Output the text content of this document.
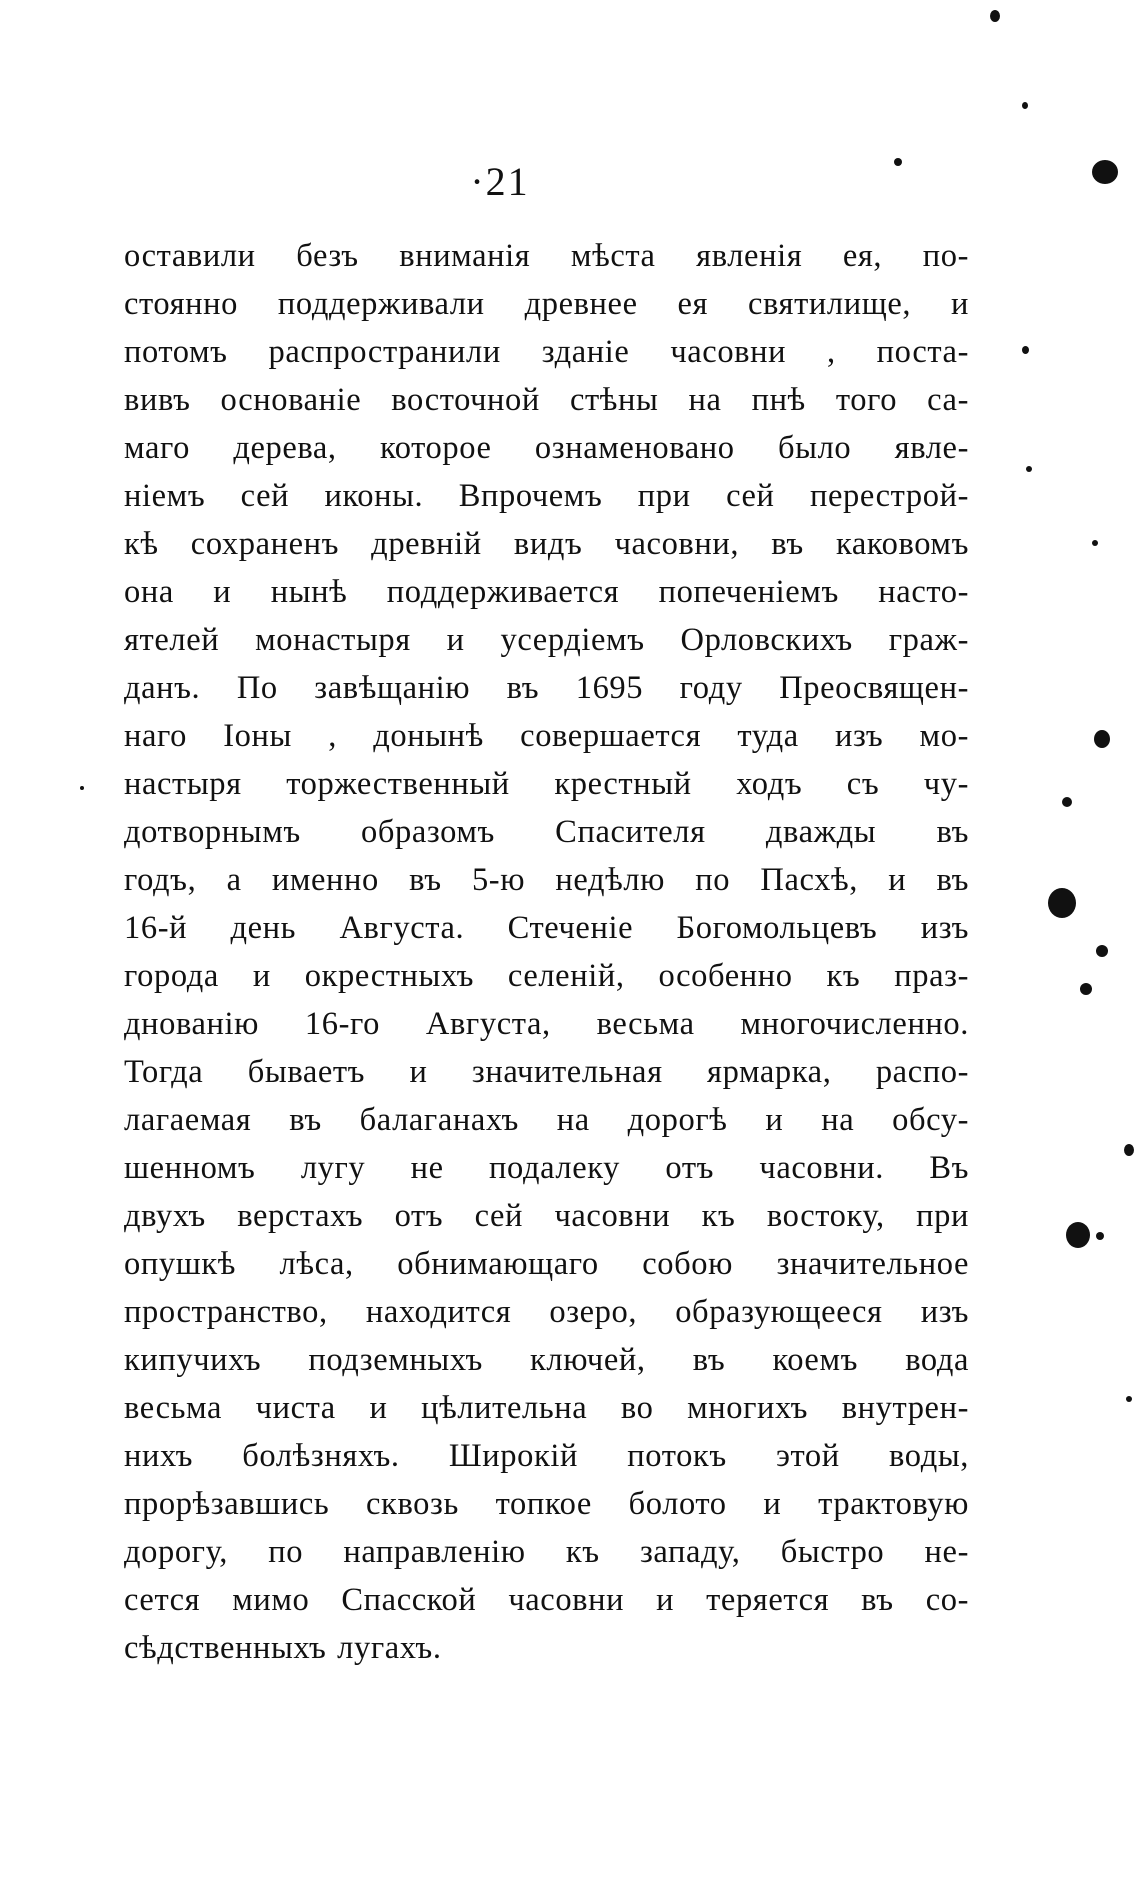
·21
оставили безъ вниманія мѣста явленія ея, по-
стоянно поддерживали древнее ея святилище, и
потомъ распространили зданіе часовни , поста-
вивъ основаніе восточной стѣны на пнѣ того са-
маго дерева, которое ознаменовано было явле-
ніемъ сей иконы. Впрочемъ при сей перестрой-
кѣ сохраненъ древній видъ часовни, въ каковомъ
она и нынѣ поддерживается попеченіемъ насто-
ятелей монастыря и усердіемъ Орловскихъ граж-
данъ. По завѣщанію въ 1695 году Преосвящен-
наго Іоны , донынѣ совершается туда изъ мо-
настыря торжественный крестный ходъ съ чу-
дотворнымъ образомъ Спасителя дважды въ
годъ, а именно въ 5-ю недѣлю по Пасхѣ, и въ
16-й день Августа. Стеченіе Богомольцевъ изъ
города и окрестныхъ селеній, особенно къ праз-
днованію 16-го Августа, весьма многочисленно.
Тогда бываетъ и значительная ярмарка, распо-
лагаемая въ балаганахъ на дорогѣ и на обсу-
шенномъ лугу не подалеку отъ часовни. Въ
двухъ верстахъ отъ сей часовни къ востоку, при
опушкѣ лѣса, обнимающаго собою значительное
пространство, находится озеро, образующееся изъ
кипучихъ подземныхъ ключей, въ коемъ вода
весьма чиста и цѣлительна во многихъ внутрен-
нихъ болѣзняхъ. Широкій потокъ этой воды,
прорѣзавшись сквозь топкое болото и трактовую
дорогу, по направленію къ западу, быстро не-
сется мимо Спасской часовни и теряется въ со-
сѣдственныхъ лугахъ.
